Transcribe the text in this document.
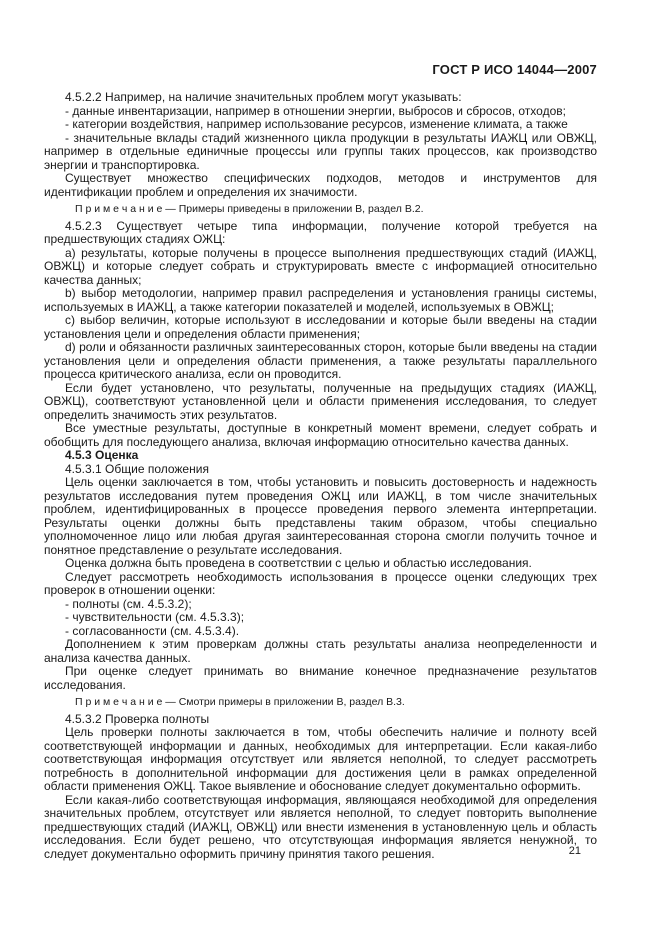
ГОСТ Р ИСО 14044—2007

4.5.2.2 Например, на наличие значительных проблем могут указывать:

- данные инвентаризации, например в отношении энергии, выбросов и сбросов, отходов;

- категории воздействия, например использование ресурсов, изменение климата, а также

- значительные вклады стадий жизненного цикла продукции в результаты ИАЖЦ или ОВЖЦ, например в отдельные единичные процессы или группы таких процессов, как производство энергии и транспортировка.

Существует множество специфических подходов, методов и инструментов для идентификации проблем и определения их значимости.

П р и м е ч а н и е — Примеры приведены в приложении В, раздел В.2.

4.5.2.3 Существует четыре типа информации, получение которой требуется на предшествующих стадиях ОЖЦ:

a) результаты, которые получены в процессе выполнения предшествующих стадий (ИАЖЦ, ОВЖЦ) и которые следует собрать и структурировать вместе с информацией относительно качества данных;

b) выбор методологии, например правил распределения и установления границы системы, используемых в ИАЖЦ, а также категории показателей и моделей, используемых в ОВЖЦ;

c) выбор величин, которые используют в исследовании и которые были введены на стадии установления цели и определения области применения;

d) роли и обязанности различных заинтересованных сторон, которые были введены на стадии установления цели и определения области применения, а также результаты параллельного процесса критического анализа, если он проводится.

Если будет установлено, что результаты, полученные на предыдущих стадиях (ИАЖЦ, ОВЖЦ), соответствуют установленной цели и области применения исследования, то следует определить значимость этих результатов.

Все уместные результаты, доступные в конкретный момент времени, следует собрать и обобщить для последующего анализа, включая информацию относительно качества данных.

4.5.3 Оценка

4.5.3.1 Общие положения

Цель оценки заключается в том, чтобы установить и повысить достоверность и надежность результатов исследования путем проведения ОЖЦ или ИАЖЦ, в том числе значительных проблем, идентифицированных в процессе проведения первого элемента интерпретации. Результаты оценки должны быть представлены таким образом, чтобы специально уполномоченное лицо или любая другая заинтересованная сторона смогли получить точное и понятное представление о результате исследования.

Оценка должна быть проведена в соответствии с целью и областью исследования.

Следует рассмотреть необходимость использования в процессе оценки следующих трех проверок в отношении оценки:

- полноты (см. 4.5.3.2);

- чувствительности (см. 4.5.3.3);

- согласованности (см. 4.5.3.4).

Дополнением к этим проверкам должны стать результаты анализа неопределенности и анализа качества данных.

При оценке следует принимать во внимание конечное предназначение результатов исследования.

П р и м е ч а н и е — Смотри примеры в приложении В, раздел В.3.

4.5.3.2 Проверка полноты

Цель проверки полноты заключается в том, чтобы обеспечить наличие и полноту всей соответствующей информации и данных, необходимых для интерпретации. Если какая-либо соответствующая информация отсутствует или является неполной, то следует рассмотреть потребность в дополнительной информации для достижения цели в рамках определенной области применения ОЖЦ. Такое выявление и обоснование следует документально оформить.

Если какая-либо соответствующая информация, являющаяся необходимой для определения значительных проблем, отсутствует или является неполной, то следует повторить выполнение предшествующих стадий (ИАЖЦ, ОВЖЦ) или внести изменения в установленную цель и область исследования. Если будет решено, что отсутствующая информация является ненужной, то следует документально оформить причину принятия такого решения.	21
